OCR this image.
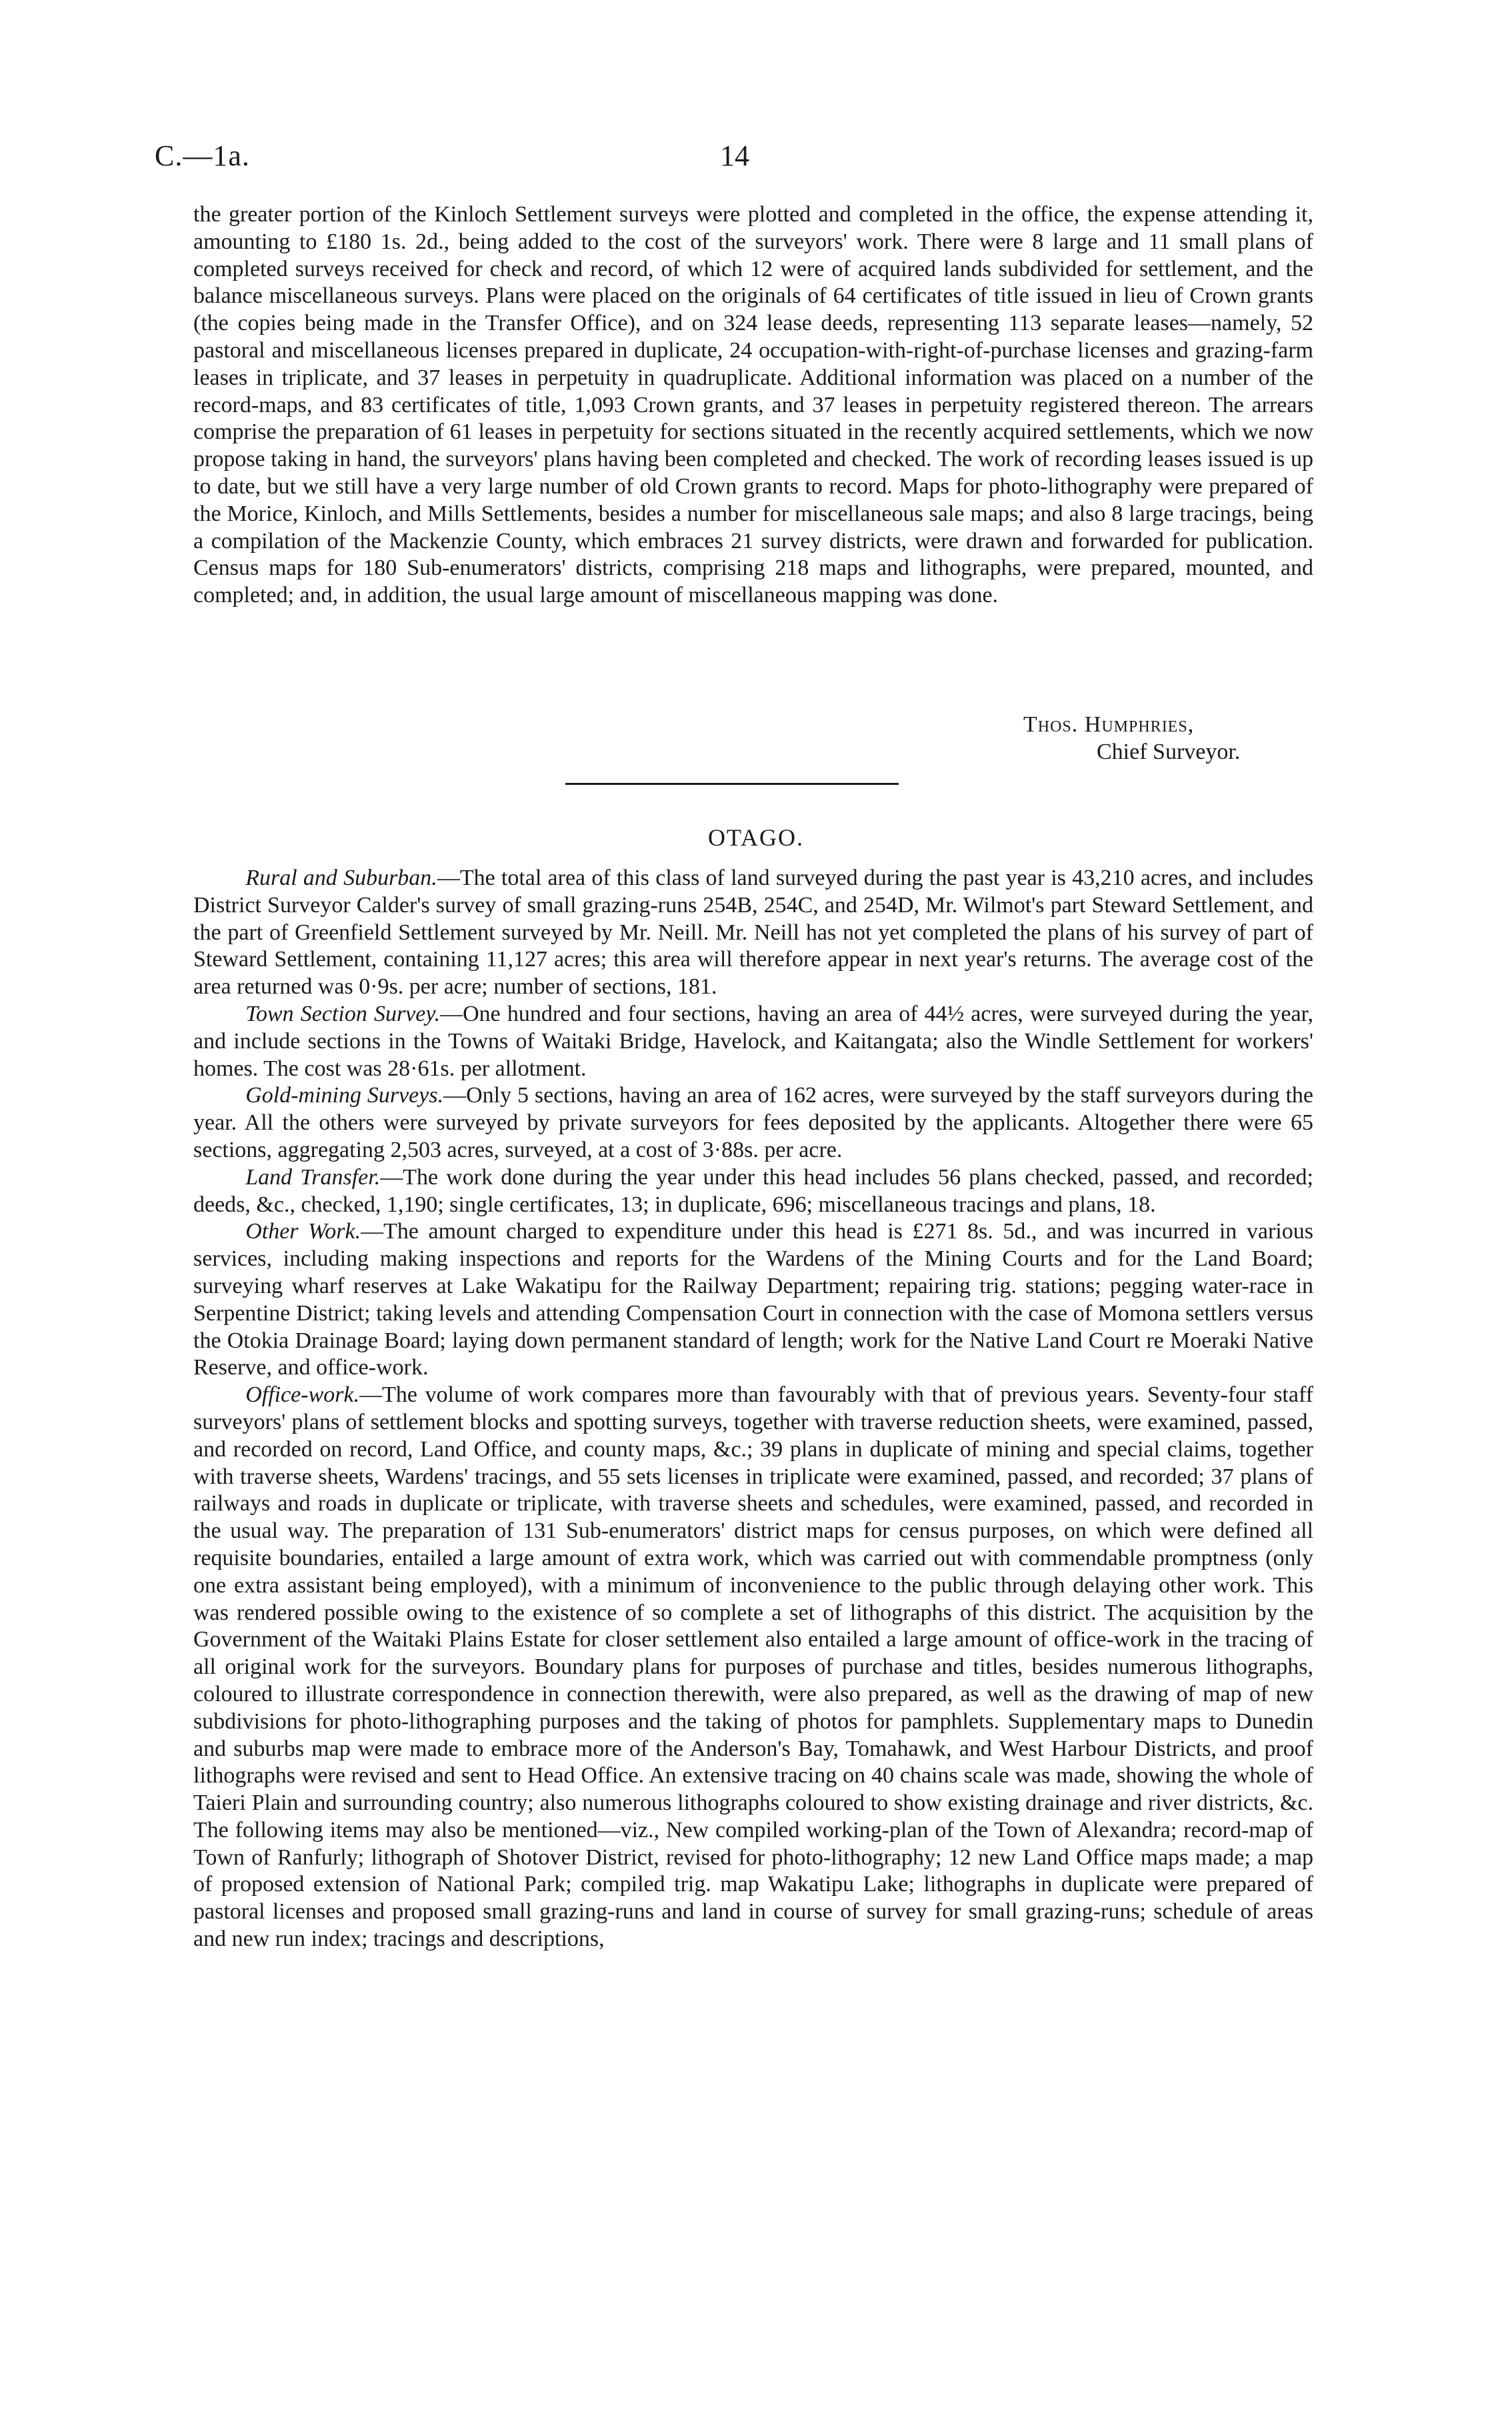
C.—1a.	14

the greater portion of the Kinloch Settlement surveys were plotted and completed in the office, the expense attending it, amounting to £180 1s. 2d., being added to the cost of the surveyors' work. There were 8 large and 11 small plans of completed surveys received for check and record, of which 12 were of acquired lands subdivided for settlement, and the balance miscellaneous surveys. Plans were placed on the originals of 64 certificates of title issued in lieu of Crown grants (the copies being made in the Transfer Office), and on 324 lease deeds, representing 113 separate leases—namely, 52 pastoral and miscellaneous licenses prepared in duplicate, 24 occupation-with-right-of-purchase licenses and grazing-farm leases in triplicate, and 37 leases in perpetuity in quadruplicate. Additional information was placed on a number of the record-maps, and 83 certificates of title, 1,093 Crown grants, and 37 leases in perpetuity registered thereon. The arrears comprise the preparation of 61 leases in perpetuity for sections situated in the recently acquired settlements, which we now propose taking in hand, the surveyors' plans having been completed and checked. The work of recording leases issued is up to date, but we still have a very large number of old Crown grants to record. Maps for photo-lithography were prepared of the Morice, Kinloch, and Mills Settlements, besides a number for miscellaneous sale maps; and also 8 large tracings, being a compilation of the Mackenzie County, which embraces 21 survey districts, were drawn and forwarded for publication. Census maps for 180 Sub-enumerators' districts, comprising 218 maps and lithographs, were prepared, mounted, and completed; and, in addition, the usual large amount of miscellaneous mapping was done.

Thos. Humphries,
Chief Surveyor.
OTAGO.

Rural and Suburban.—The total area of this class of land surveyed during the past year is 43,210 acres, and includes District Surveyor Calder's survey of small grazing-runs 254B, 254C, and 254D, Mr. Wilmot's part Steward Settlement, and the part of Greenfield Settlement surveyed by Mr. Neill. Mr. Neill has not yet completed the plans of his survey of part of Steward Settlement, containing 11,127 acres; this area will therefore appear in next year's returns. The average cost of the area returned was 0·9s. per acre; number of sections, 181.

Town Section Survey.—One hundred and four sections, having an area of 44½ acres, were surveyed during the year, and include sections in the Towns of Waitaki Bridge, Havelock, and Kaitangata; also the Windle Settlement for workers' homes. The cost was 28·61s. per allotment.

Gold-mining Surveys.—Only 5 sections, having an area of 162 acres, were surveyed by the staff surveyors during the year. All the others were surveyed by private surveyors for fees deposited by the applicants. Altogether there were 65 sections, aggregating 2,503 acres, surveyed, at a cost of 3·88s. per acre.

Land Transfer.—The work done during the year under this head includes 56 plans checked, passed, and recorded; deeds, &c., checked, 1,190; single certificates, 13; in duplicate, 696; miscellaneous tracings and plans, 18.

Other Work.—The amount charged to expenditure under this head is £271 8s. 5d., and was incurred in various services, including making inspections and reports for the Wardens of the Mining Courts and for the Land Board; surveying wharf reserves at Lake Wakatipu for the Railway Department; repairing trig. stations; pegging water-race in Serpentine District; taking levels and attending Compensation Court in connection with the case of Momona settlers versus the Otokia Drainage Board; laying down permanent standard of length; work for the Native Land Court re Moeraki Native Reserve, and office-work.

Office-work.—The volume of work compares more than favourably with that of previous years. Seventy-four staff surveyors' plans of settlement blocks and spotting surveys, together with traverse reduction sheets, were examined, passed, and recorded on record, Land Office, and county maps, &c.; 39 plans in duplicate of mining and special claims, together with traverse sheets, Wardens' tracings, and 55 sets licenses in triplicate were examined, passed, and recorded; 37 plans of railways and roads in duplicate or triplicate, with traverse sheets and schedules, were examined, passed, and recorded in the usual way. The preparation of 131 Sub-enumerators' district maps for census purposes, on which were defined all requisite boundaries, entailed a large amount of extra work, which was carried out with commendable promptness (only one extra assistant being employed), with a minimum of inconvenience to the public through delaying other work. This was rendered possible owing to the existence of so complete a set of lithographs of this district. The acquisition by the Government of the Waitaki Plains Estate for closer settlement also entailed a large amount of office-work in the tracing of all original work for the surveyors. Boundary plans for purposes of purchase and titles, besides numerous lithographs, coloured to illustrate correspondence in connection therewith, were also prepared, as well as the drawing of map of new subdivisions for photo-lithographing purposes and the taking of photos for pamphlets. Supplementary maps to Dunedin and suburbs map were made to embrace more of the Anderson's Bay, Tomahawk, and West Harbour Districts, and proof lithographs were revised and sent to Head Office. An extensive tracing on 40 chains scale was made, showing the whole of Taieri Plain and surrounding country; also numerous lithographs coloured to show existing drainage and river districts, &c. The following items may also be mentioned—viz., New compiled working-plan of the Town of Alexandra; record-map of Town of Ranfurly; lithograph of Shotover District, revised for photo-lithography; 12 new Land Office maps made; a map of proposed extension of National Park; compiled trig. map Wakatipu Lake; lithographs in duplicate were prepared of pastoral licenses and proposed small grazing-runs and land in course of survey for small grazing-runs; schedule of areas and new run index; tracings and descriptions,
